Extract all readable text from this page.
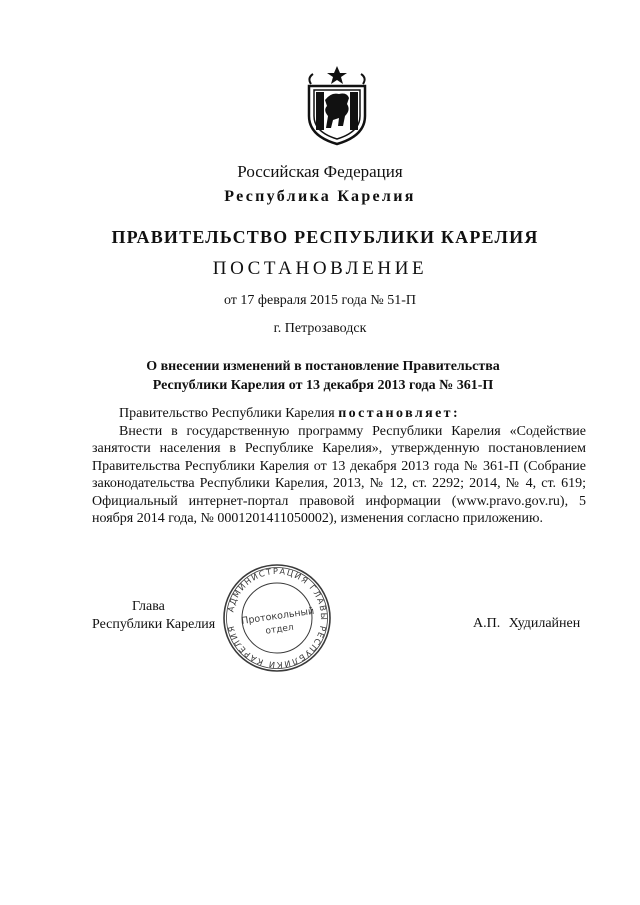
Российская Федерация
Республика Карелия
ПРАВИТЕЛЬСТВО РЕСПУБЛИКИ КАРЕЛИЯ
ПОСТАНОВЛЕНИЕ
от 17 февраля 2015 года № 51-П
г. Петрозаводск
О внесении изменений в постановление Правительства
Республики Карелия от 13 декабря 2013 года № 361-П
Правительство Республики Карелия постановляет:
Внести в государственную программу Республики Карелия «Содействие занятости населения в Республике Карелия», утвержденную постановлением Правительства Республики Карелия от 13 декабря 2013 года № 361-П (Собрание законодательства Республики Карелия, 2013, № 12, ст. 2292; 2014, № 4, ст. 619; Официальный интернет-портал правовой информации (www.pravo.gov.ru), 5 ноября 2014 года, № 0001201411050002), изменения согласно приложению.
АДМИНИСТРАЦИЯ ГЛАВЫ РЕСПУБЛИКИ КАРЕЛИЯ
Протокольный
отдел
Глава
Республики Карелия	А.П. Худилайнен
